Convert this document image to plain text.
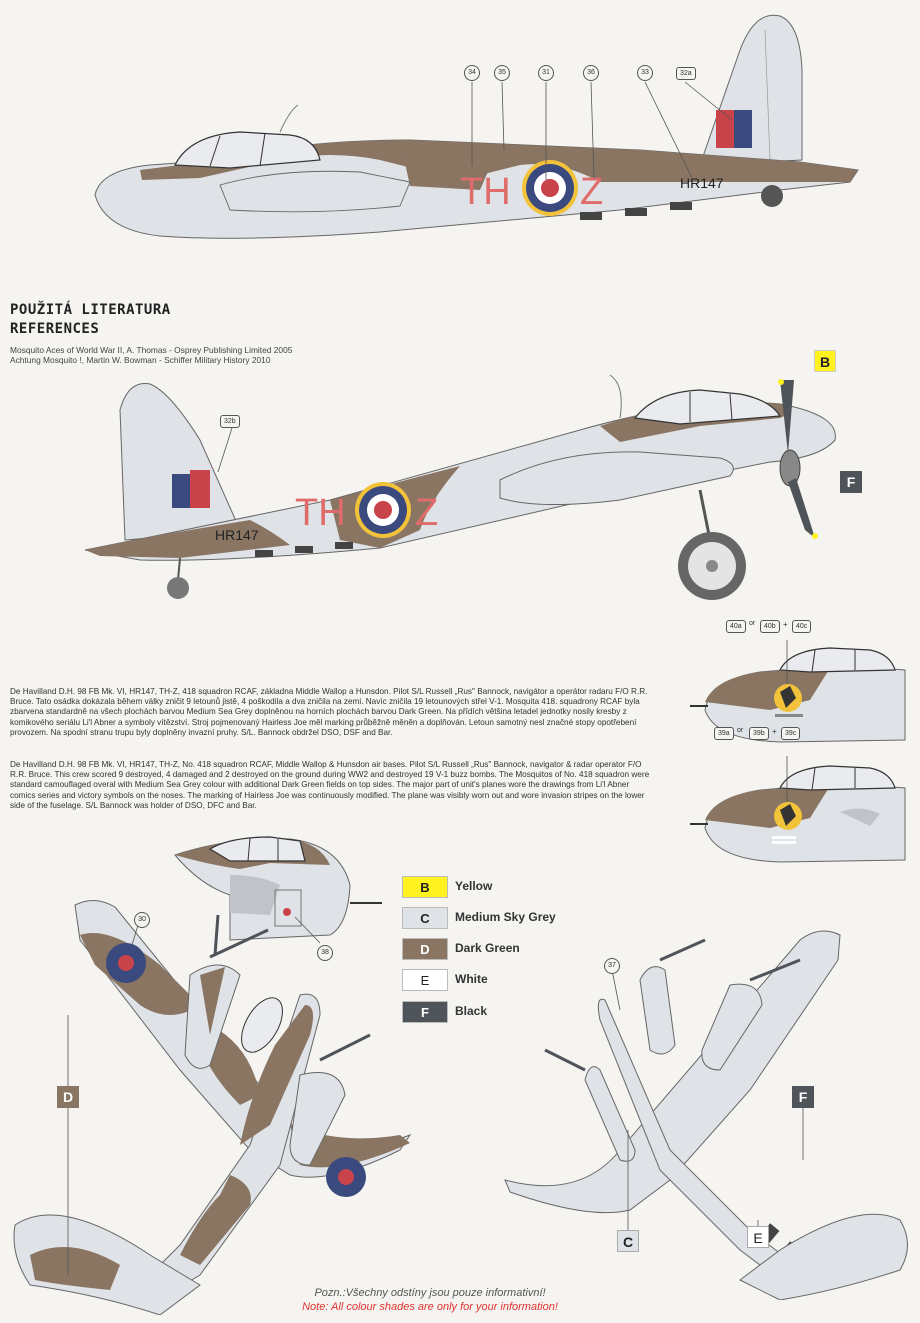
TH Z	HR147
34	35	31	36	33	32a
POUŽITÁ LITERATURA
REFERENCES
Mosquito Aces of World War II, A. Thomas - Osprey Publishing Limited 2005
Achtung Mosquito !, Martin W. Bowman - Schiffer Military History 2010
TH Z
HR147
32b
B
F
De Havilland D.H. 98 FB Mk. VI, HR147, TH-Z, 418 squadron RCAF, základna Middle Wallop a Hunsdon. Pilot S/L Russell „Rus" Bannock, navigátor a operátor radaru F/O R.R. Bruce. Tato osádka dokázala během války zničit 9 letounů jistě, 4 poškodila a dva zničila na zemi. Navíc zničila 19 letounových střel V-1. Mosquita 418. squadrony RCAF byla zbarvena standardně na všech plochách barvou Medium Sea Grey doplněnou na horních plochách barvou Dark Green. Na přídích většina letadel jednotky nosily kresby z komikového seriálu Li'l Abner a symboly vítězství. Stroj pojmenovaný Hairless Joe měl marking průběžně měněn a doplňován. Letoun samotný nesl značné stopy opotřebení provozem. Na spodní stranu trupu byly doplněny invazní pruhy. S/L. Bannock obdržel DSO, DSF and Bar.
De Havilland D.H. 98 FB Mk. VI, HR147, TH-Z, No. 418 squadron RCAF, Middle Wallop & Hunsdon air bases. Pilot S/L Russell „Rus" Bannock, navigator & radar operator F/O R.R. Bruce. This crew scored 9 destroyed, 4 damaged and 2 destroyed on the ground during WW2 and destroyed 19 V-1 buzz bombs. The Mosquitos of No. 418 squadron were standard camouflaged overal with Medium Sea Grey colour with additional Dark Green fields on top sides. The major part of unit's planes wore the drawings from Li'l Abner comics series and victory symbols on the noses. The marking of Hairless Joe was continuously modified. The plane was visibly worn out and wore invasion stripes on the lower side of the fuselage. S/L Bannock was holder of DSO, DFC and Bar.
40a	or	40b +	40c
39a	or	39b +	39c
38
B	Yellow
C	Medium Sky Grey
D	Dark Green
E	White
F	Black
30
D
37
F
C	E
Pozn.:Všechny odstíny jsou pouze informativní!
Note: All colour shades are only for your information!
